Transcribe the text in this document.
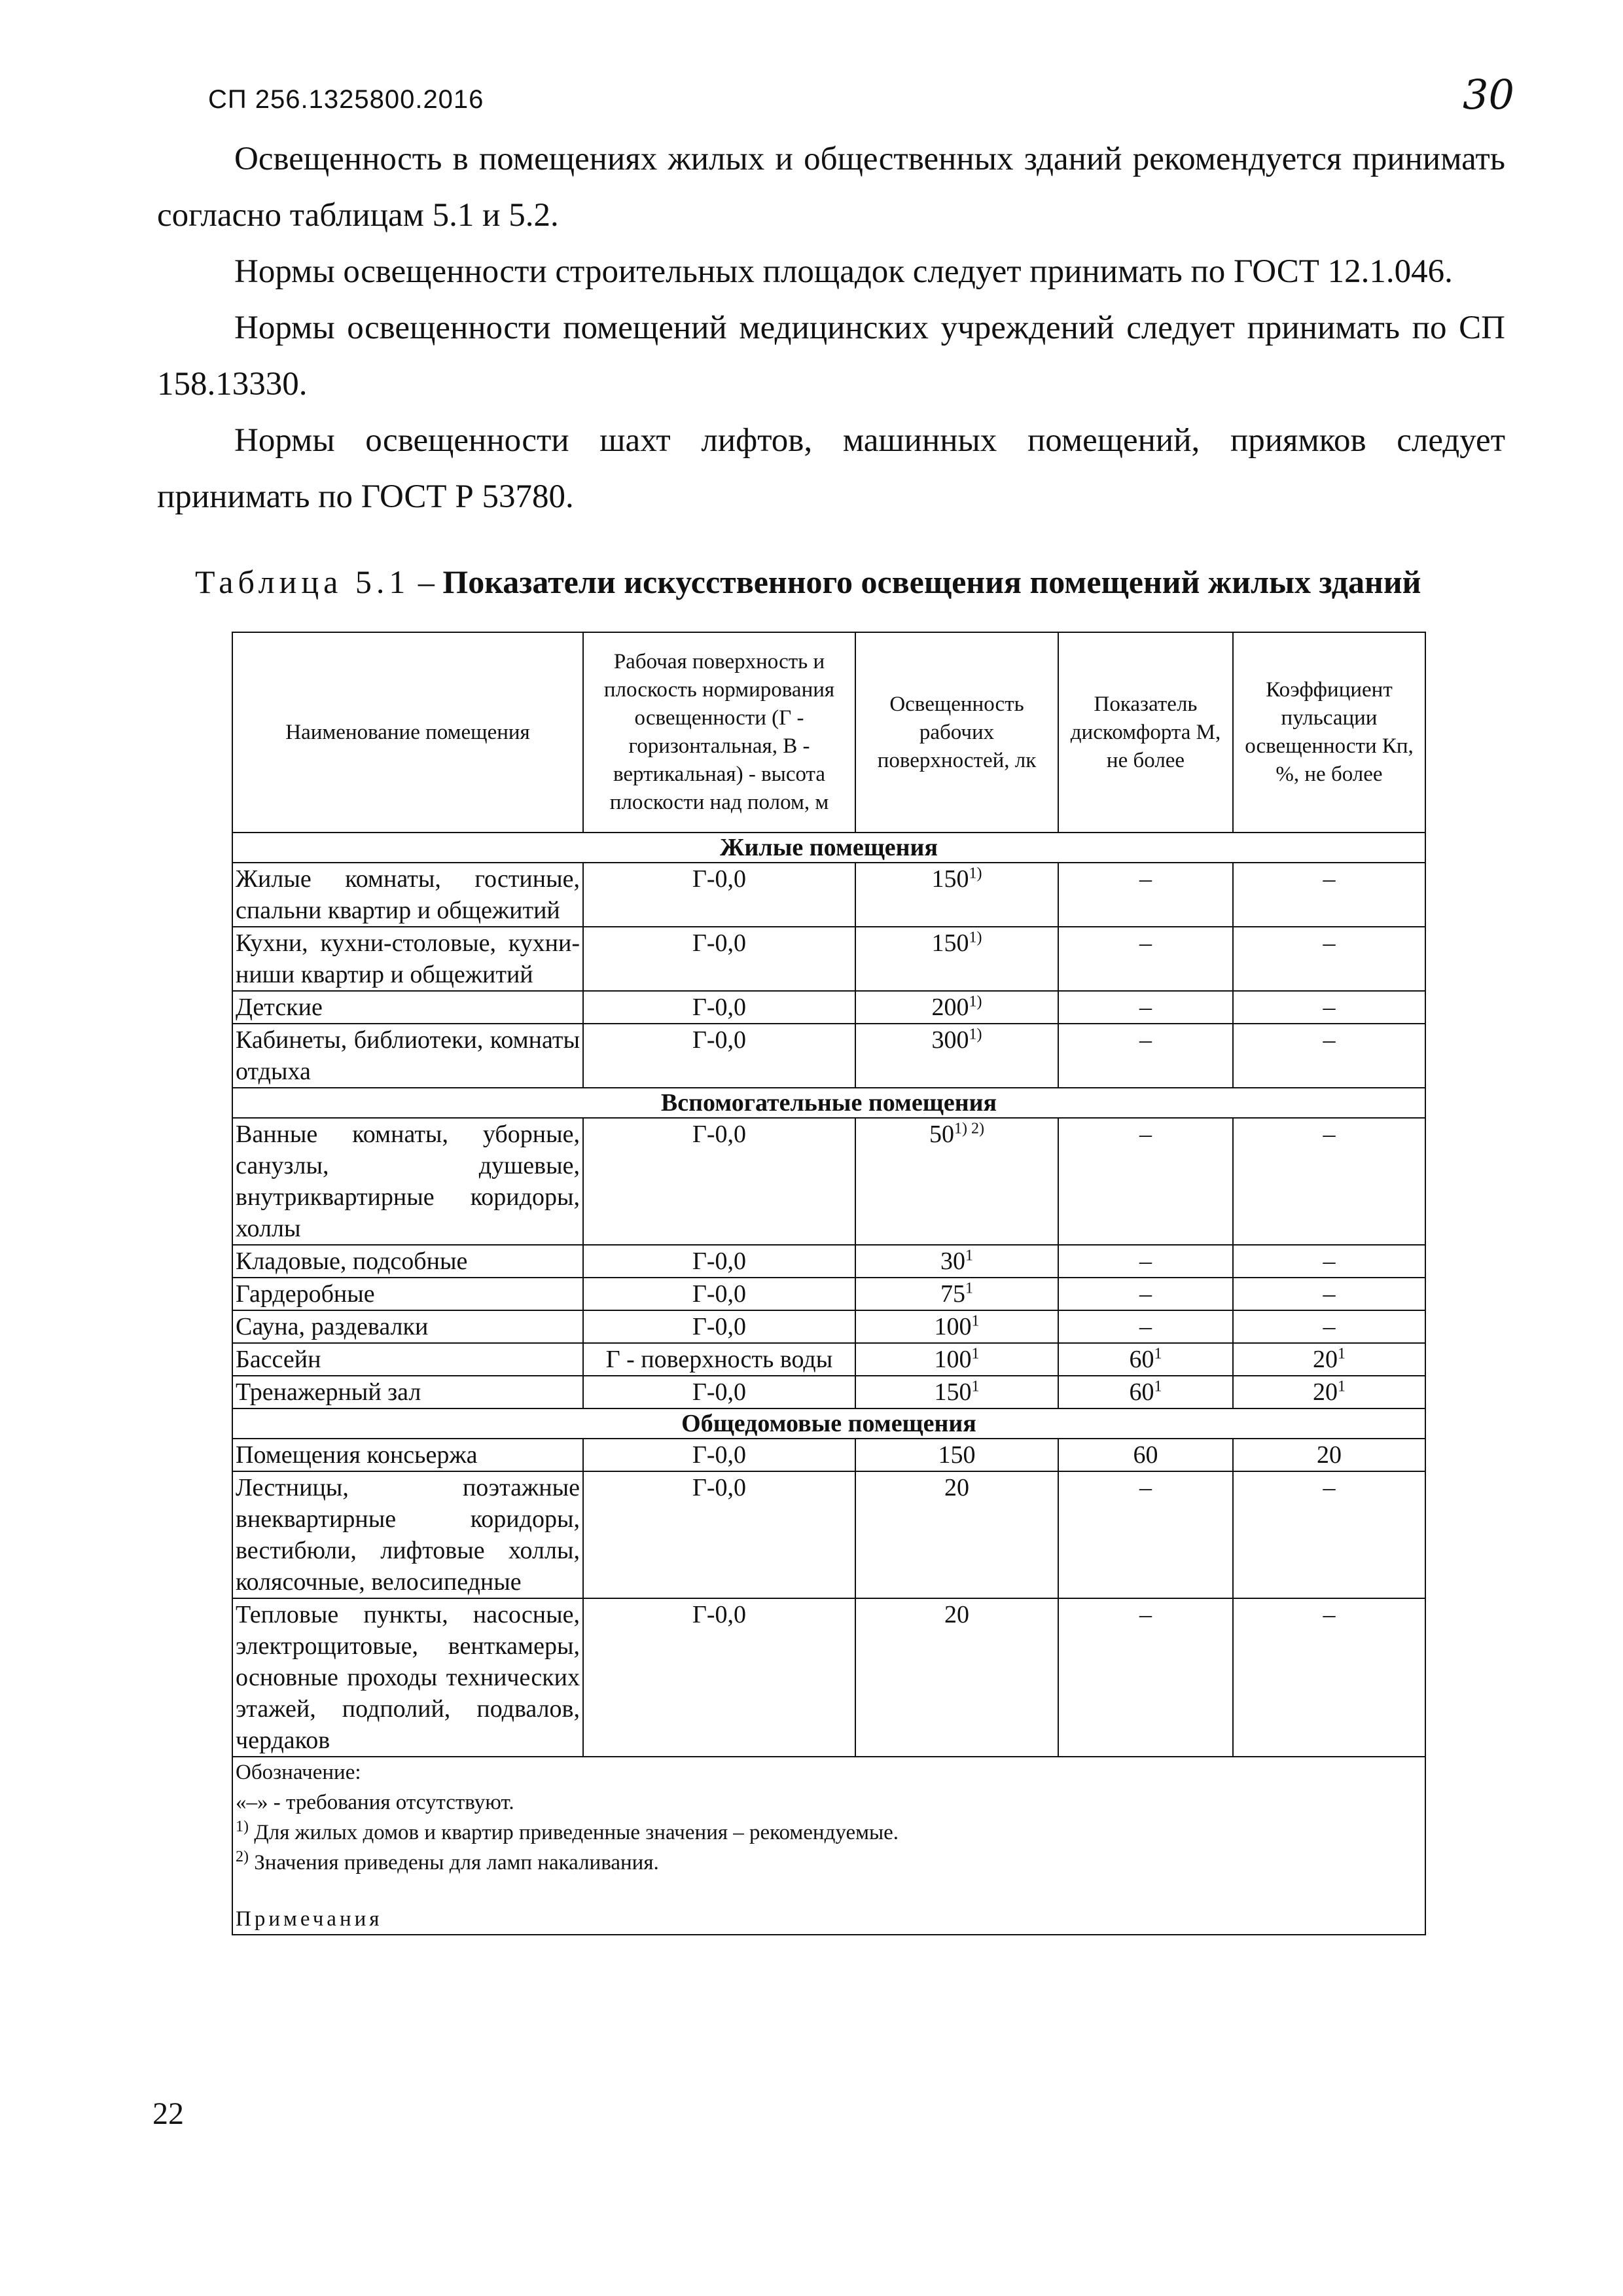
СП 256.1325800.2016	30

Освещенность в помещениях жилых и общественных зданий рекомендуется принимать согласно таблицам 5.1 и 5.2.

Нормы освещенности строительных площадок следует принимать по ГОСТ 12.1.046.

Нормы освещенности помещений медицинских учреждений следует принимать по СП 158.13330.

Нормы освещенности шахт лифтов, машинных помещений, приямков следует принимать по ГОСТ Р 53780.

Таблица 5.1 – Показатели искусственного освещения помещений жилых зданий
Наименование помещения	Рабочая поверхность и плоскость нормирования освещенности (Г - горизонтальная, В - вертикальная) - высота плоскости над полом, м	Освещенность рабочих поверхностей, лк	Показатель дискомфорта М, не более	Коэффициент пульсации освещенности Кп, %, не более
Жилые помещения				
Жилые комнаты, гостиные, спальни квартир и общежитий	Г-0,0	150$^{1)}$	–	–
Кухни, кухни-столовые, кухни-ниши квартир и общежитий	Г-0,0	150$^{1)}$	–	–
Детские	Г-0,0	200$^{1)}$	–	–
Кабинеты, библиотеки, комнаты отдыха	Г-0,0	300$^{1)}$	–	–
Вспомогательные помещения				
Ванные комнаты, уборные, санузлы, душевые, внутриквартирные коридоры, холлы	Г-0,0	$50^{1) 2)}$	–	–
Кладовые, подсобные	Г-0,0	$30^1$	–	–
Гардеробные	Г-0,0	$75^1$	–	–
Сауна, раздевалки	Г-0,0	$100^1$	–	–
Бассейн	Г - поверхность воды	$100^1$	$60^1$	$20^1$
Тренажерный зал	Г-0,0	$150^1$	$60^1$	$20^1$
Общедомовые помещения				
Помещения консьержа	Г-0,0	150	60	20
Лестницы, поэтажные внеквартирные коридоры, вестибюли, лифтовые холлы, колясочные, велосипедные	Г-0,0	20	–	–
Тепловые пункты, насосные, электрощитовые, венткамеры, основные проходы технических этажей, подполий, подвалов, чердаков	Г-0,0	20	–	–

Обозначение:
«–» - требования отсутствуют.
$^{1)}$ Для жилых домов и квартир приведенные значения – рекомендуемые.
$^{2)}$ Значения приведены для ламп накаливания.
Примечания				
22
